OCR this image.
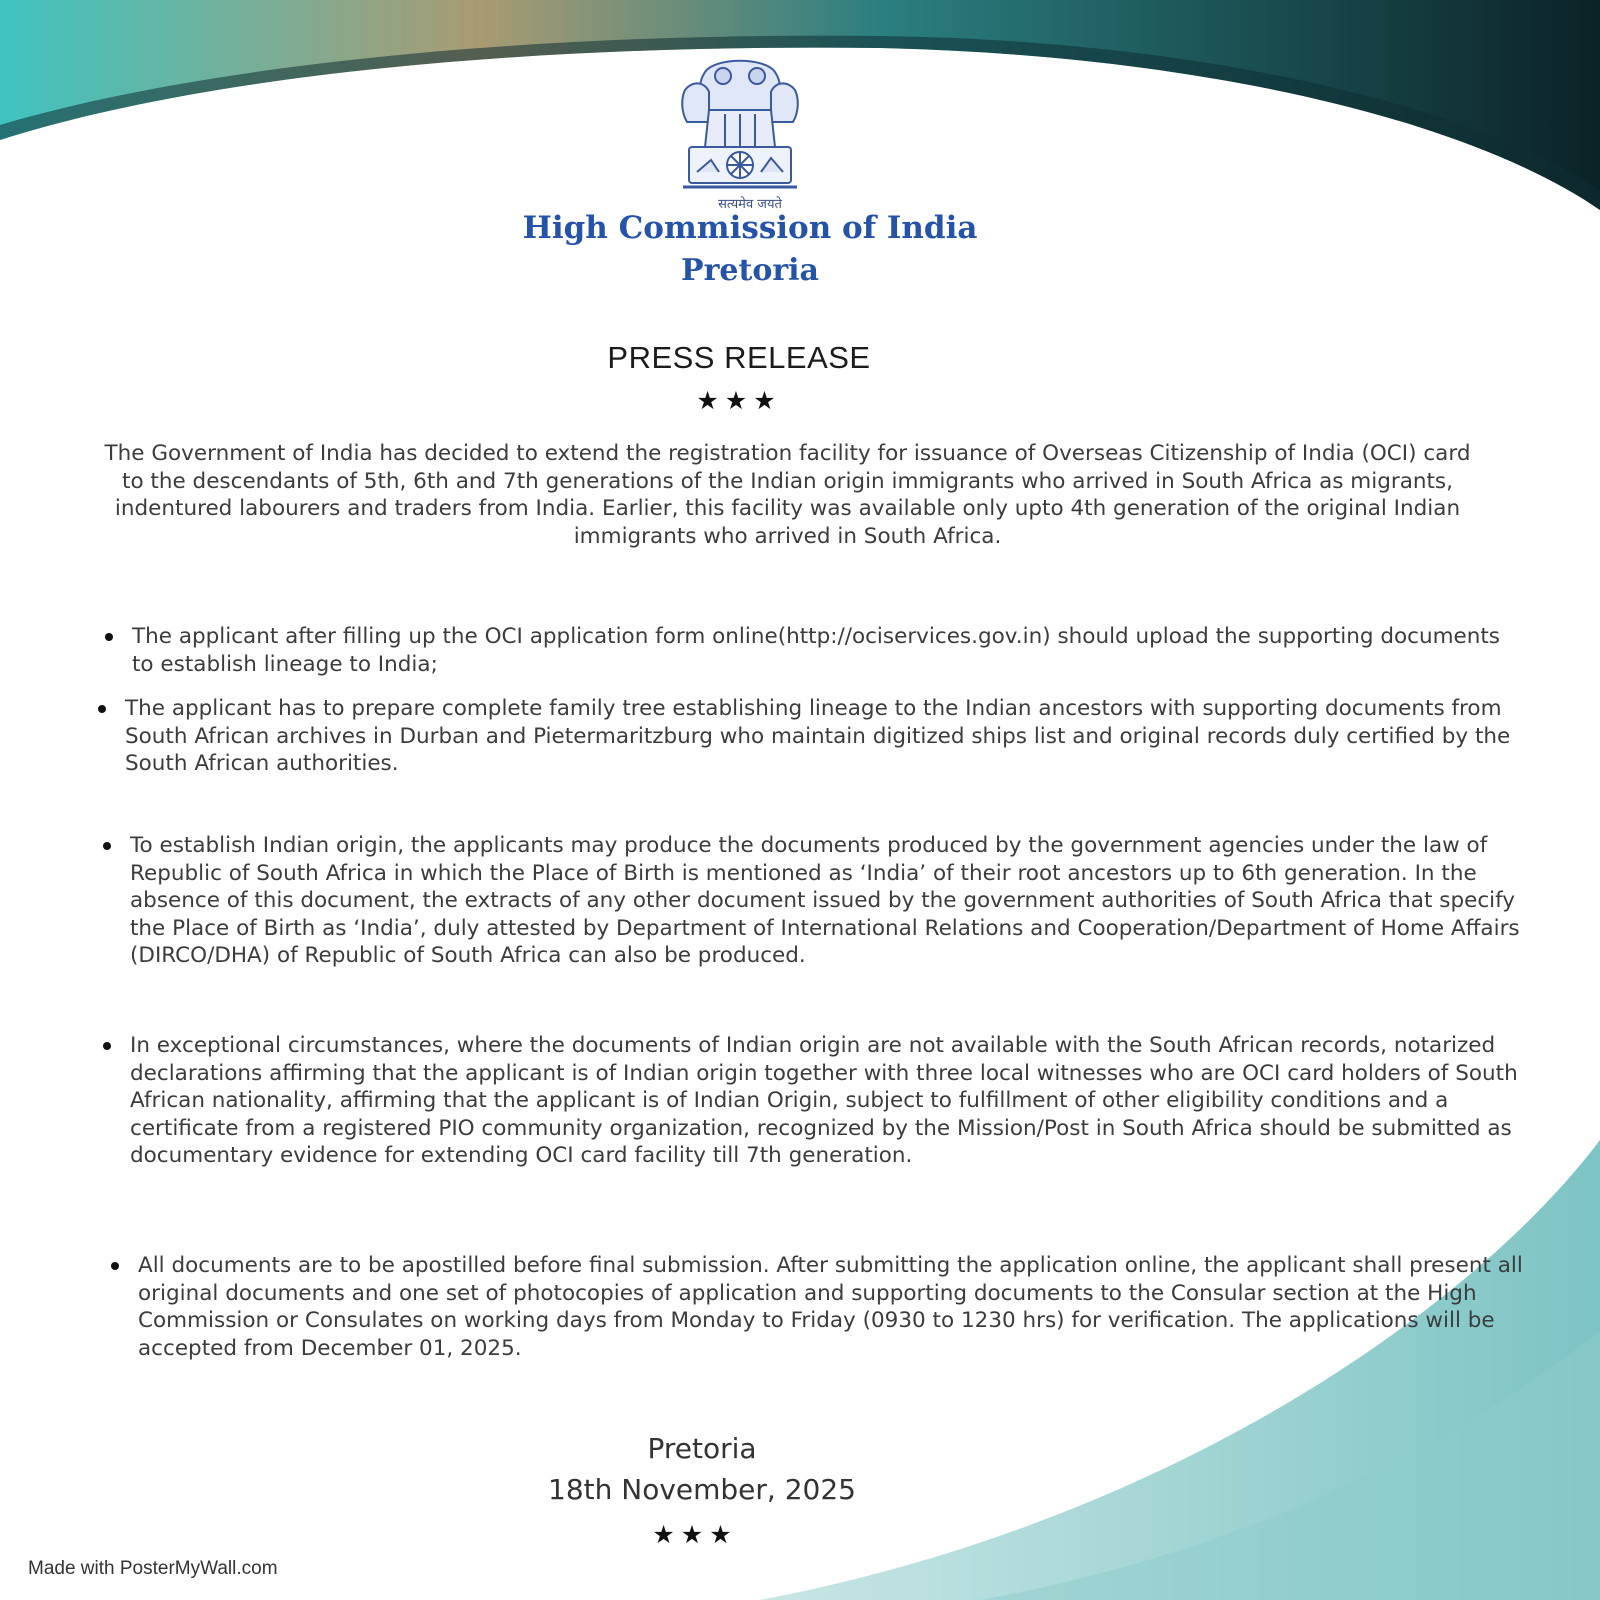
सत्यमेव जयते
High Commission of India
Pretoria
PRESS RELEASE
★★★

The Government of India has decided to extend the registration facility for issuance of Overseas Citizenship of India (OCI) card to the descendants of 5th, 6th and 7th generations of the Indian origin immigrants who arrived in South Africa as migrants, indentured labourers and traders from India. Earlier, this facility was available only upto 4th generation of the original Indian immigrants who arrived in South Africa.

The applicant after filling up the OCI application form online(http://ociservices.gov.in) should upload the supporting documents to establish lineage to India;
The applicant has to prepare complete family tree establishing lineage to the Indian ancestors with supporting documents from South African archives in Durban and Pietermaritzburg who maintain digitized ships list and original records duly certified by the South African authorities.
To establish Indian origin, the applicants may produce the documents produced by the government agencies under the law of Republic of South Africa in which the Place of Birth is mentioned as ‘India’ of their root ancestors up to 6th generation. In the absence of this document, the extracts of any other document issued by the government authorities of South Africa that specify the Place of Birth as ‘India’, duly attested by Department of International Relations and Cooperation/Department of Home Affairs (DIRCO/DHA) of Republic of South Africa can also be produced.
In exceptional circumstances, where the documents of Indian origin are not available with the South African records, notarized declarations affirming that the applicant is of Indian origin together with three local witnesses who are OCI card holders of South African nationality, affirming that the applicant is of Indian Origin, subject to fulfillment of other eligibility conditions and a certificate from a registered PIO community organization, recognized by the Mission/Post in South Africa should be submitted as documentary evidence for extending OCI card facility till 7th generation.
All documents are to be apostilled before final submission. After submitting the application online, the applicant shall present all original documents and one set of photocopies of application and supporting documents to the Consular section at the High Commission or Consulates on working days from Monday to Friday (0930 to 1230 hrs) for verification. The applications will be accepted from December 01, 2025.
Pretoria
18th November, 2025
★★★
Made with PosterMyWall.com
